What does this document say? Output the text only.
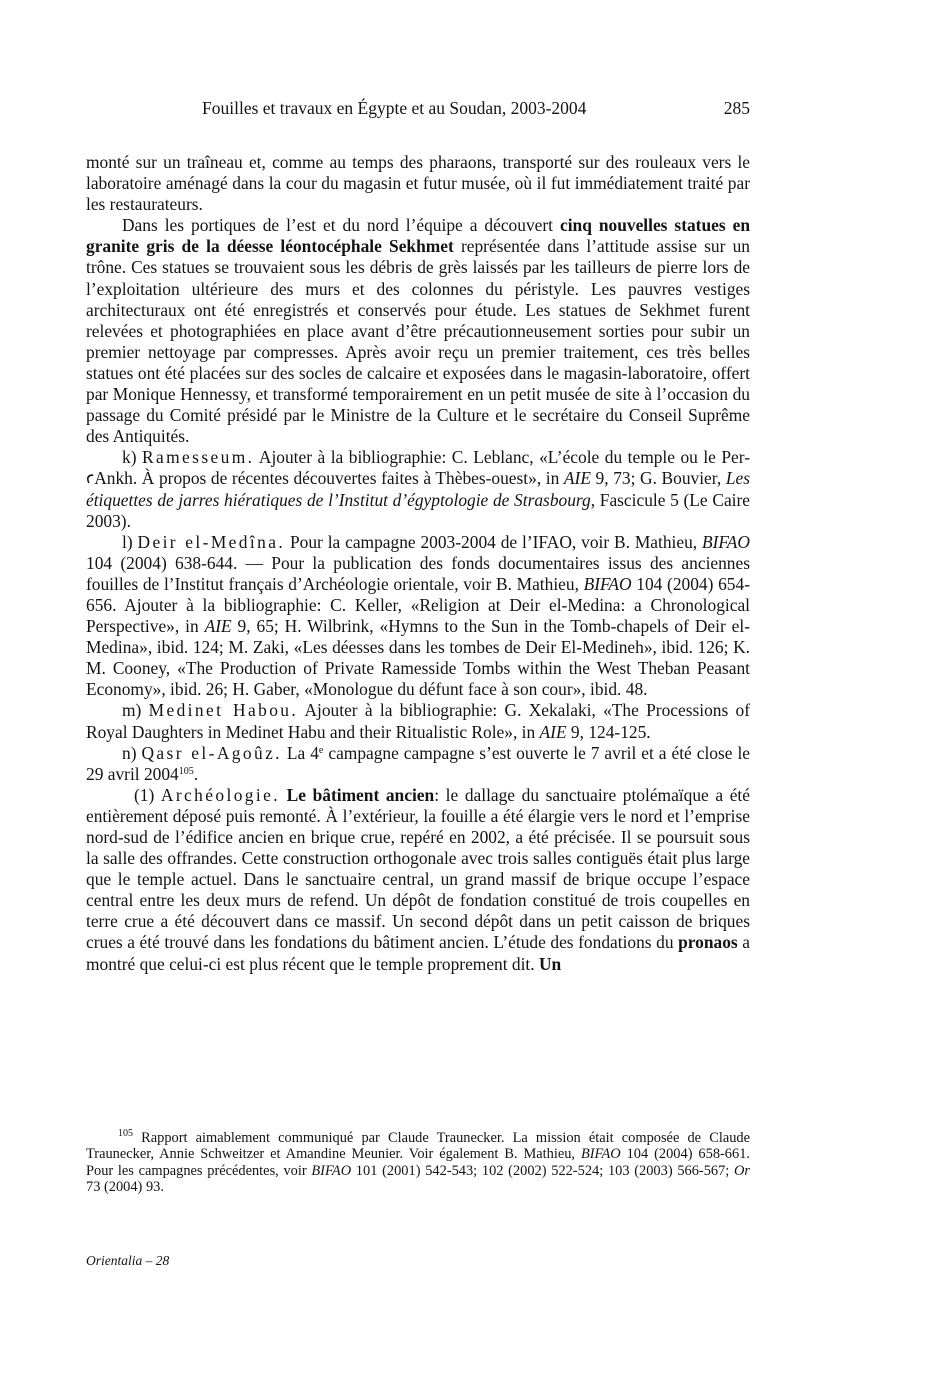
Fouilles et travaux en Égypte et au Soudan, 2003-2004	285

monté sur un traîneau et, comme au temps des pharaons, transporté sur des rouleaux vers le laboratoire aménagé dans la cour du magasin et futur musée, où il fut immédiatement traité par les restaurateurs.

Dans les portiques de l’est et du nord l’équipe a découvert cinq nouvelles statues en granite gris de la déesse léontocéphale Sekhmet représentée dans l’attitude assise sur un trône. Ces statues se trouvaient sous les débris de grès laissés par les tailleurs de pierre lors de l’exploitation ultérieure des murs et des colonnes du péristyle. Les pauvres vestiges architecturaux ont été enregistrés et conservés pour étude. Les statues de Sekhmet furent relevées et photographiées en place avant d’être précautionneusement sorties pour subir un premier nettoyage par compresses. Après avoir reçu un premier traitement, ces très belles statues ont été placées sur des socles de calcaire et exposées dans le magasin-laboratoire, offert par Monique Hennessy, et transformé temporairement en un petit musée de site à l’occasion du passage du Comité présidé par le Ministre de la Culture et le secrétaire du Conseil Suprême des Antiquités.

k) Ramesseum. Ajouter à la bibliographie: C. Leblanc, «L’école du temple ou le Per-ꜥAnkh. À propos de récentes découvertes faites à Thèbes-ouest», in AIE 9, 73; G. Bouvier, Les étiquettes de jarres hiératiques de l’Institut d’égyptologie de Strasbourg, Fascicule 5 (Le Caire 2003).

l) Deir el-Medîna. Pour la campagne 2003-2004 de l’IFAO, voir B. Mathieu, BIFAO 104 (2004) 638-644. — Pour la publication des fonds documentaires issus des anciennes fouilles de l’Institut français d’Archéologie orientale, voir B. Mathieu, BIFAO 104 (2004) 654-656. Ajouter à la bibliographie: C. Keller, «Religion at Deir el-Medina: a Chronological Perspective», in AIE 9, 65; H. Wilbrink, «Hymns to the Sun in the Tomb-chapels of Deir el-Medina», ibid. 124; M. Zaki, «Les déesses dans les tombes de Deir El-Medineh», ibid. 126; K. M. Cooney, «The Production of Private Ramesside Tombs within the West Theban Peasant Economy», ibid. 26; H. Gaber, «Monologue du défunt face à son cour», ibid. 48.

m) Medinet Habou. Ajouter à la bibliographie: G. Xekalaki, «The Processions of Royal Daughters in Medinet Habu and their Ritualistic Role», in AIE 9, 124-125.

n) Qasr el-Agoûz. La 4e campagne campagne s’est ouverte le 7 avril et a été close le 29 avril 2004$^{105}$.

(1) Archéologie. Le bâtiment ancien: le dallage du sanctuaire ptolémaïque a été entièrement déposé puis remonté. À l’extérieur, la fouille a été élargie vers le nord et l’emprise nord-sud de l’édifice ancien en brique crue, repéré en 2002, a été précisée. Il se poursuit sous la salle des offrandes. Cette construction orthogonale avec trois salles contiguës était plus large que le temple actuel. Dans le sanctuaire central, un grand massif de brique occupe l’espace central entre les deux murs de refend. Un dépôt de fondation constitué de trois coupelles en terre crue a été découvert dans ce massif. Un second dépôt dans un petit caisson de briques crues a été trouvé dans les fondations du bâtiment ancien. L’étude des fondations du pronaos a montré que celui-ci est plus récent que le temple proprement dit. Un

$^{105}$ Rapport aimablement communiqué par Claude Traunecker. La mission était composée de Claude Traunecker, Annie Schweitzer et Amandine Meunier. Voir également B. Mathieu, BIFAO 104 (2004) 658-661. Pour les campagnes précédentes, voir BIFAO 101 (2001) 542-543; 102 (2002) 522-524; 103 (2003) 566-567; Or 73 (2004) 93.

Orientalia – 28
